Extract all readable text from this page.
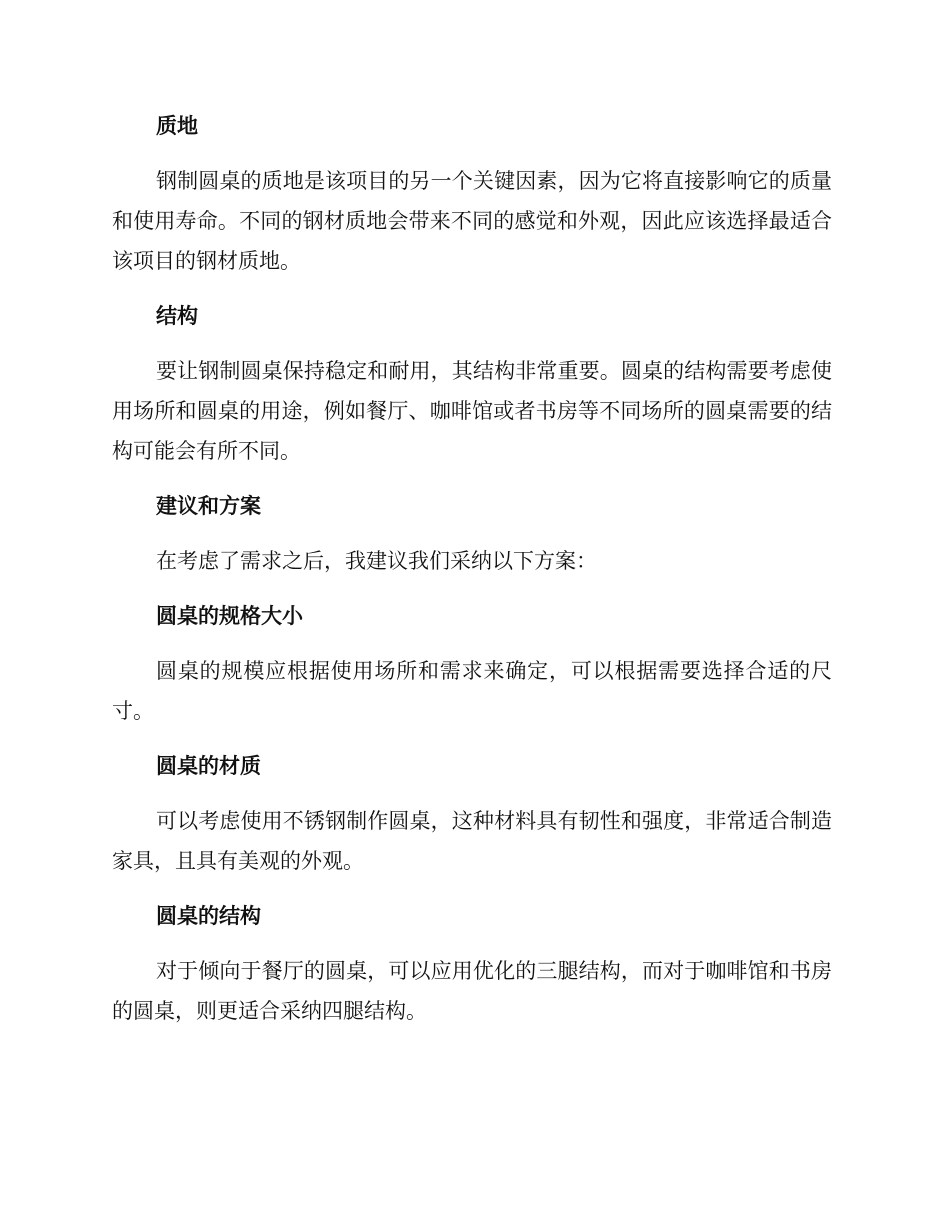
质地

钢制圆桌的质地是该项目的另一个关键因素，因为它将直接影响它的质量和使用寿命。不同的钢材质地会带来不同的感觉和外观，因此应该选择最适合该项目的钢材质地。

结构

要让钢制圆桌保持稳定和耐用，其结构非常重要。圆桌的结构需要考虑使用场所和圆桌的用途，例如餐厅、咖啡馆或者书房等不同场所的圆桌需要的结构可能会有所不同。

建议和方案

在考虑了需求之后，我建议我们采纳以下方案：

圆桌的规格大小

圆桌的规模应根据使用场所和需求来确定，可以根据需要选择合适的尺寸。

圆桌的材质

可以考虑使用不锈钢制作圆桌，这种材料具有韧性和强度，非常适合制造家具，且具有美观的外观。

圆桌的结构

对于倾向于餐厅的圆桌，可以应用优化的三腿结构，而对于咖啡馆和书房的圆桌，则更适合采纳四腿结构。
